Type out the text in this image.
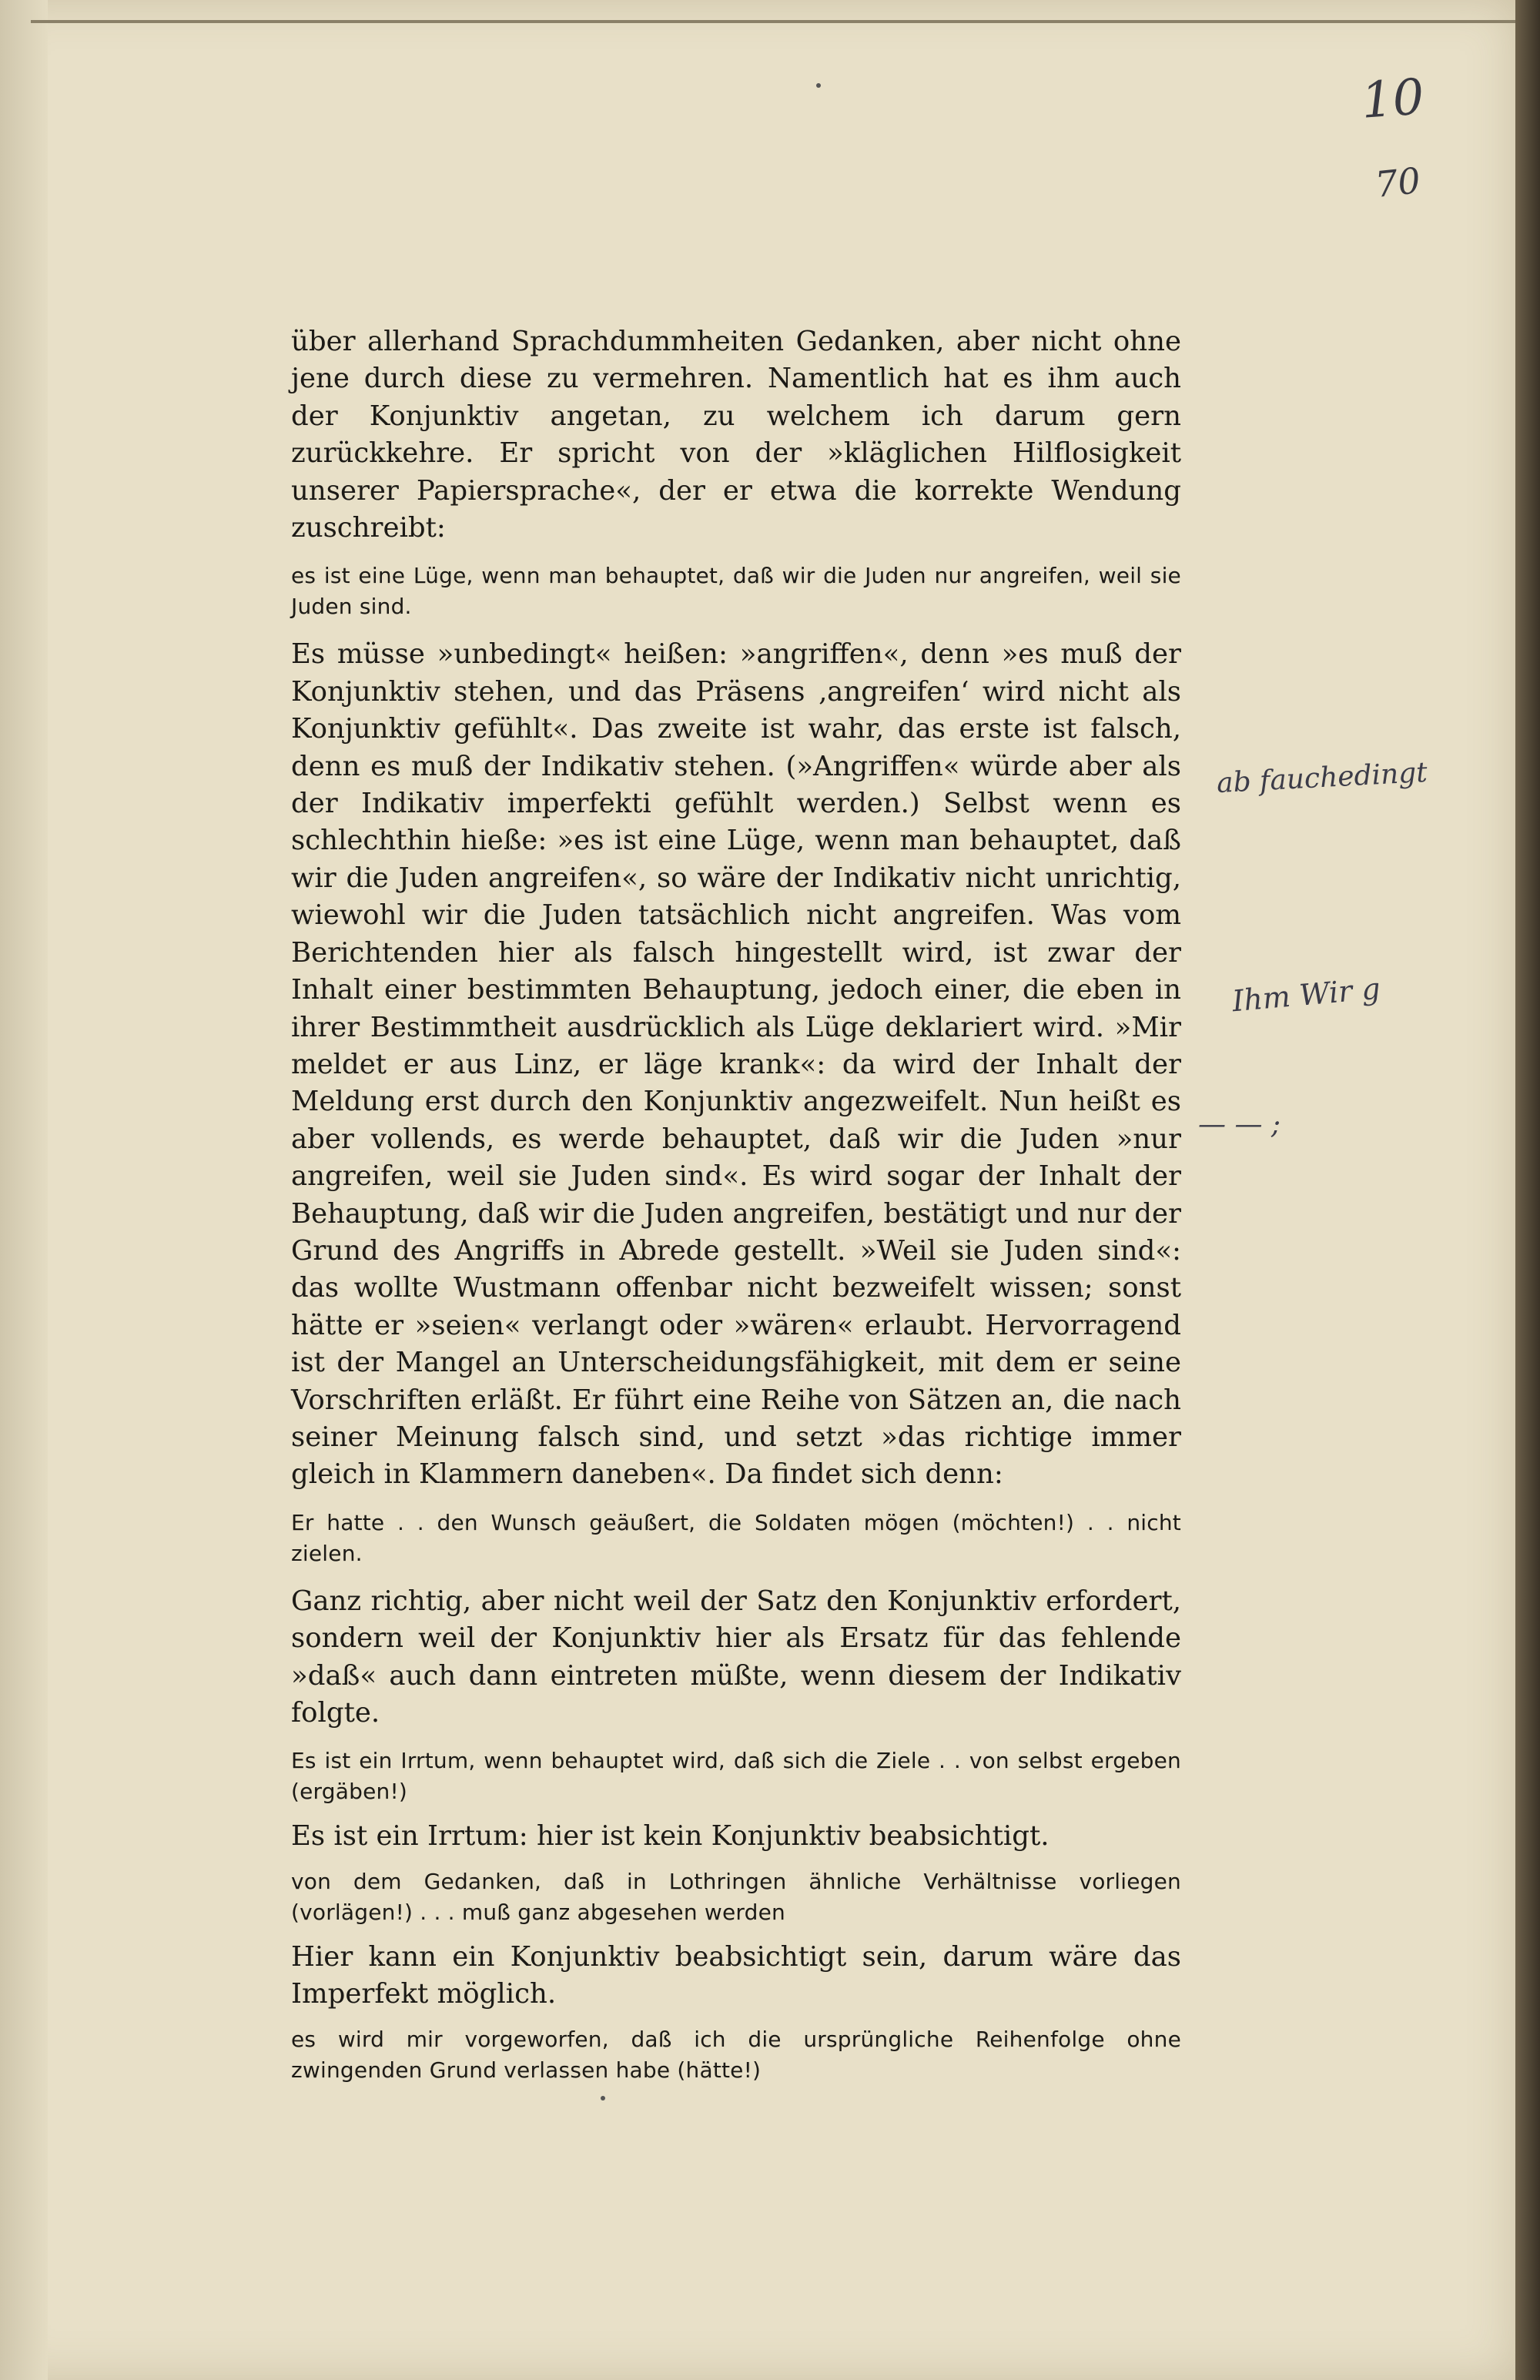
10
70

über allerhand Sprachdummheiten Gedanken, aber nicht ohne jene durch diese zu vermehren. Namentlich hat es ihm auch der Konjunktiv angetan, zu welchem ich darum gern zurückkehre. Er spricht von der »kläglichen Hilflosigkeit unserer Papiersprache«, der er etwa die korrekte Wendung zuschreibt:

es ist eine Lüge, wenn man behauptet, daß wir die Juden nur angreifen, weil sie Juden sind.

Es müsse »unbedingt« heißen: »angriffen«, denn »es muß der Konjunktiv stehen, und das Präsens ‚angreifen‘ wird nicht als Konjunktiv gefühlt«. Das zweite ist wahr, das erste ist falsch, denn es muß der Indikativ stehen. (»Angriffen« würde aber als der Indikativ imperfekti gefühlt werden.) Selbst wenn es schlechthin hieße: »es ist eine Lüge, wenn man behauptet, daß wir die Juden angreifen«, so wäre der Indikativ nicht unrichtig, wiewohl wir die Juden tatsächlich nicht angreifen. Was vom Berichtenden hier als falsch hingestellt wird, ist zwar der Inhalt einer bestimmten Behauptung, jedoch einer, die eben in ihrer Bestimmtheit ausdrücklich als Lüge deklariert wird. »Mir meldet er aus Linz, er läge krank«: da wird der Inhalt der Meldung erst durch den Konjunktiv angezweifelt. Nun heißt es aber vollends, es werde behauptet, daß wir die Juden »nur angreifen, weil sie Juden sind«. Es wird sogar der Inhalt der Behauptung, daß wir die Juden angreifen, bestätigt und nur der Grund des Angriffs in Abrede gestellt. »Weil sie Juden sind«: das wollte Wustmann offenbar nicht bezweifelt wissen; sonst hätte er »seien« verlangt oder »wären« erlaubt. Hervorragend ist der Mangel an Unterscheidungsfähigkeit, mit dem er seine Vorschriften erläßt. Er führt eine Reihe von Sätzen an, die nach seiner Meinung falsch sind, und setzt »das richtige immer gleich in Klammern daneben«. Da findet sich denn:

Er hatte . . den Wunsch geäußert, die Soldaten mögen (möchten!) . . nicht zielen.

Ganz richtig, aber nicht weil der Satz den Konjunktiv erfordert, sondern weil der Konjunktiv hier als Ersatz für das fehlende »daß« auch dann eintreten müßte, wenn diesem der Indikativ folgte.

Es ist ein Irrtum, wenn behauptet wird, daß sich die Ziele . . von selbst ergeben (ergäben!)

Es ist ein Irrtum: hier ist kein Konjunktiv beabsichtigt.

von dem Gedanken, daß in Lothringen ähnliche Verhältnisse vorliegen (vorlägen!) . . . muß ganz abgesehen werden

Hier kann ein Konjunktiv beabsichtigt sein, darum wäre das Imperfekt möglich.

es wird mir vorgeworfen, daß ich die ursprüngliche Reihenfolge ohne zwingenden Grund verlassen habe (hätte!)

ab fauchedingt
Ihm Wir g
— — ;
